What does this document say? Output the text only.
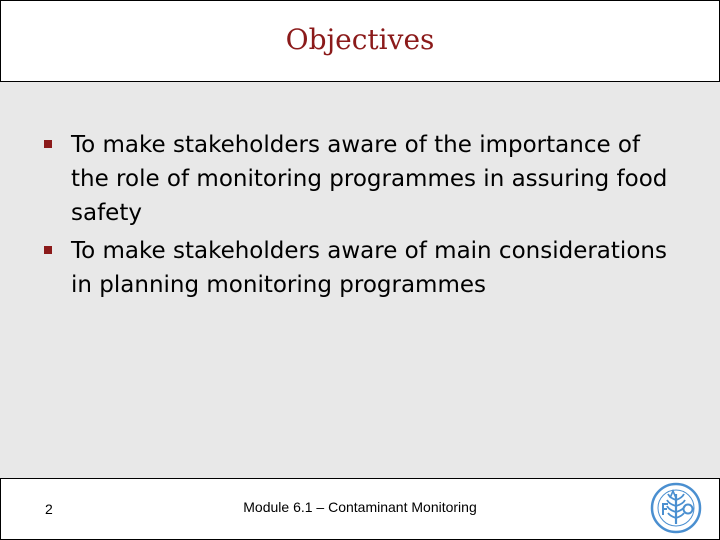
Objectives
To make stakeholders aware of the importance of the role of monitoring programmes in assuring food safety
To make stakeholders aware of main considerations in planning monitoring programmes
2	Module 6.1 – Contaminant Monitoring
